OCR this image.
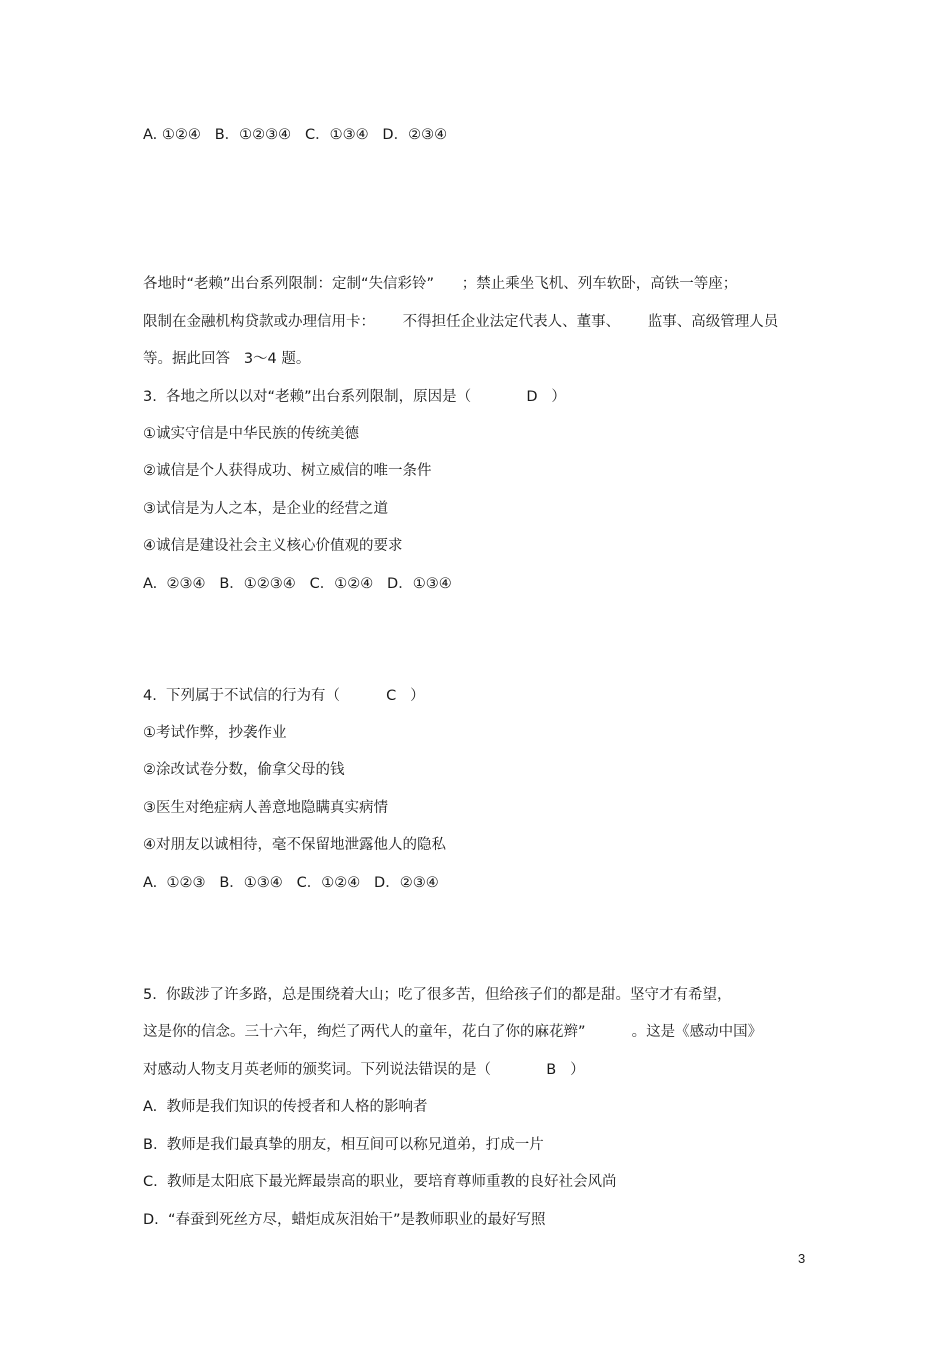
A. ①②④   B．①②③④   C．①③④   D．②③④

各地时“老赖”出台系列限制：定制“失信彩铃”      ；禁止乘坐飞机、列车软卧，高铁一等座；

限制在金融机构贷款或办理信用卡：      不得担任企业法定代表人、董事、      监事、高级管理人员

等。据此回答   3～4 题。

3.  各地之所以以对“老赖”出台系列限制，原因是（            D   ）

①诚实守信是中华民族的传统美德

②诚信是个人获得成功、树立威信的唯一条件

③试信是为人之本，是企业的经营之道

④诚信是建设社会主义核心价值观的要求

A.  ②③④   B．①②③④   C．①②④   D．①③④

4.  下列属于不试信的行为有（          C   ）

①考试作弊，抄袭作业

②涂改试卷分数，偷拿父母的钱

③医生对绝症病人善意地隐瞒真实病情

④对朋友以诚相待，毫不保留地泄露他人的隐私

A.  ①②③   B．①③④   C．①②④   D．②③④

5.  你跋涉了许多路，总是围绕着大山；吃了很多苦，但给孩子们的都是甜。坚守才有希望，

这是你的信念。三十六年，绚烂了两代人的童年，花白了你的麻花辫”          。这是《感动中国》

对感动人物支月英老师的颁奖词。下列说法错误的是（            B   ）

A.  教师是我们知识的传授者和人格的影响者

B.  教师是我们最真挚的朋友，相互间可以称兄道弟，打成一片

C.  教师是太阳底下最光辉最崇高的职业，要培育尊师重教的良好社会风尚

D.  “春蚕到死丝方尽，蜡炬成灰泪始干”是教师职业的最好写照

3
